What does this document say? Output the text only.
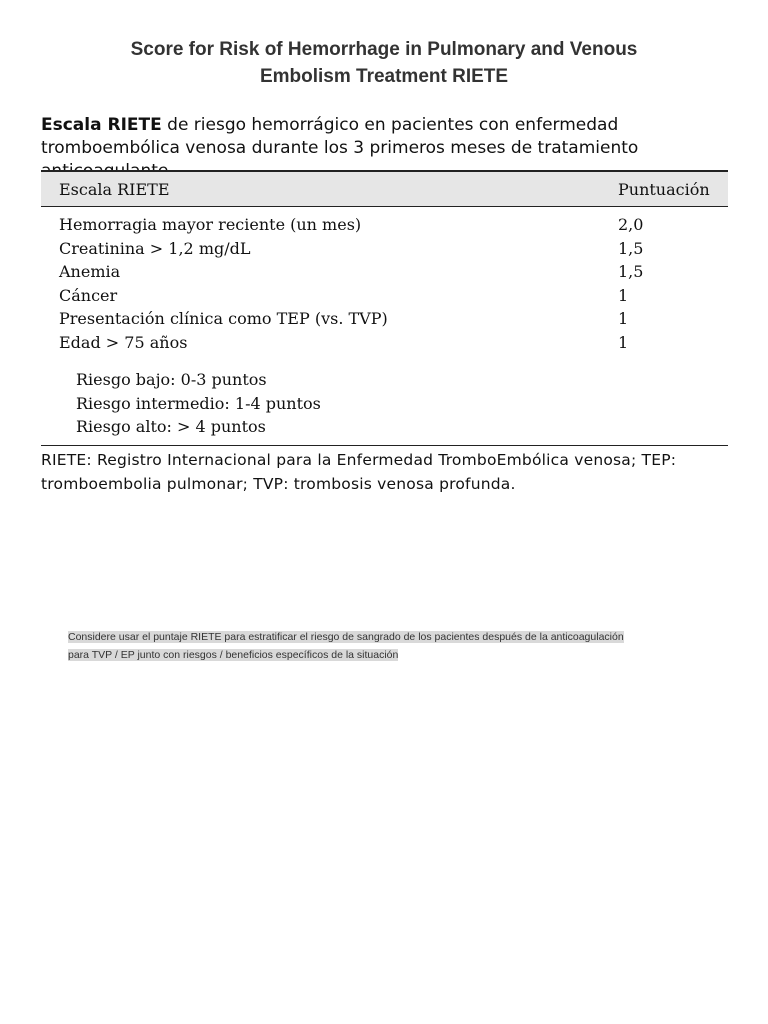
Score for Risk of Hemorrhage in Pulmonary and Venous
Embolism Treatment RIETE
Escala RIETE de riesgo hemorrágico en pacientes con enfermedad tromboembólica venosa durante los 3 primeros meses de tratamiento
Escala RIETE	Puntuación
Hemorragia mayor reciente (un mes)	2,0
Creatinina > 1,2 mg/dL	1,5
Anemia	1,5
Cáncer	1
Presentación clínica como TEP (vs. TVP)	1
Edad > 75 años	1
Riesgo bajo: 0-3 puntos
Riesgo intermedio: 1-4 puntos
Riesgo alto: > 4 puntos
RIETE: Registro Internacional para la Enfermedad TromboEmbólica venosa; TEP: tromboembolia pulmonar; TVP: trombosis venosa profunda.
Considere usar el puntaje RIETE para estratificar el riesgo de sangrado de los pacientes después de la anticoagulación para TVP / EP junto con riesgos / beneficios específicos de la situación
